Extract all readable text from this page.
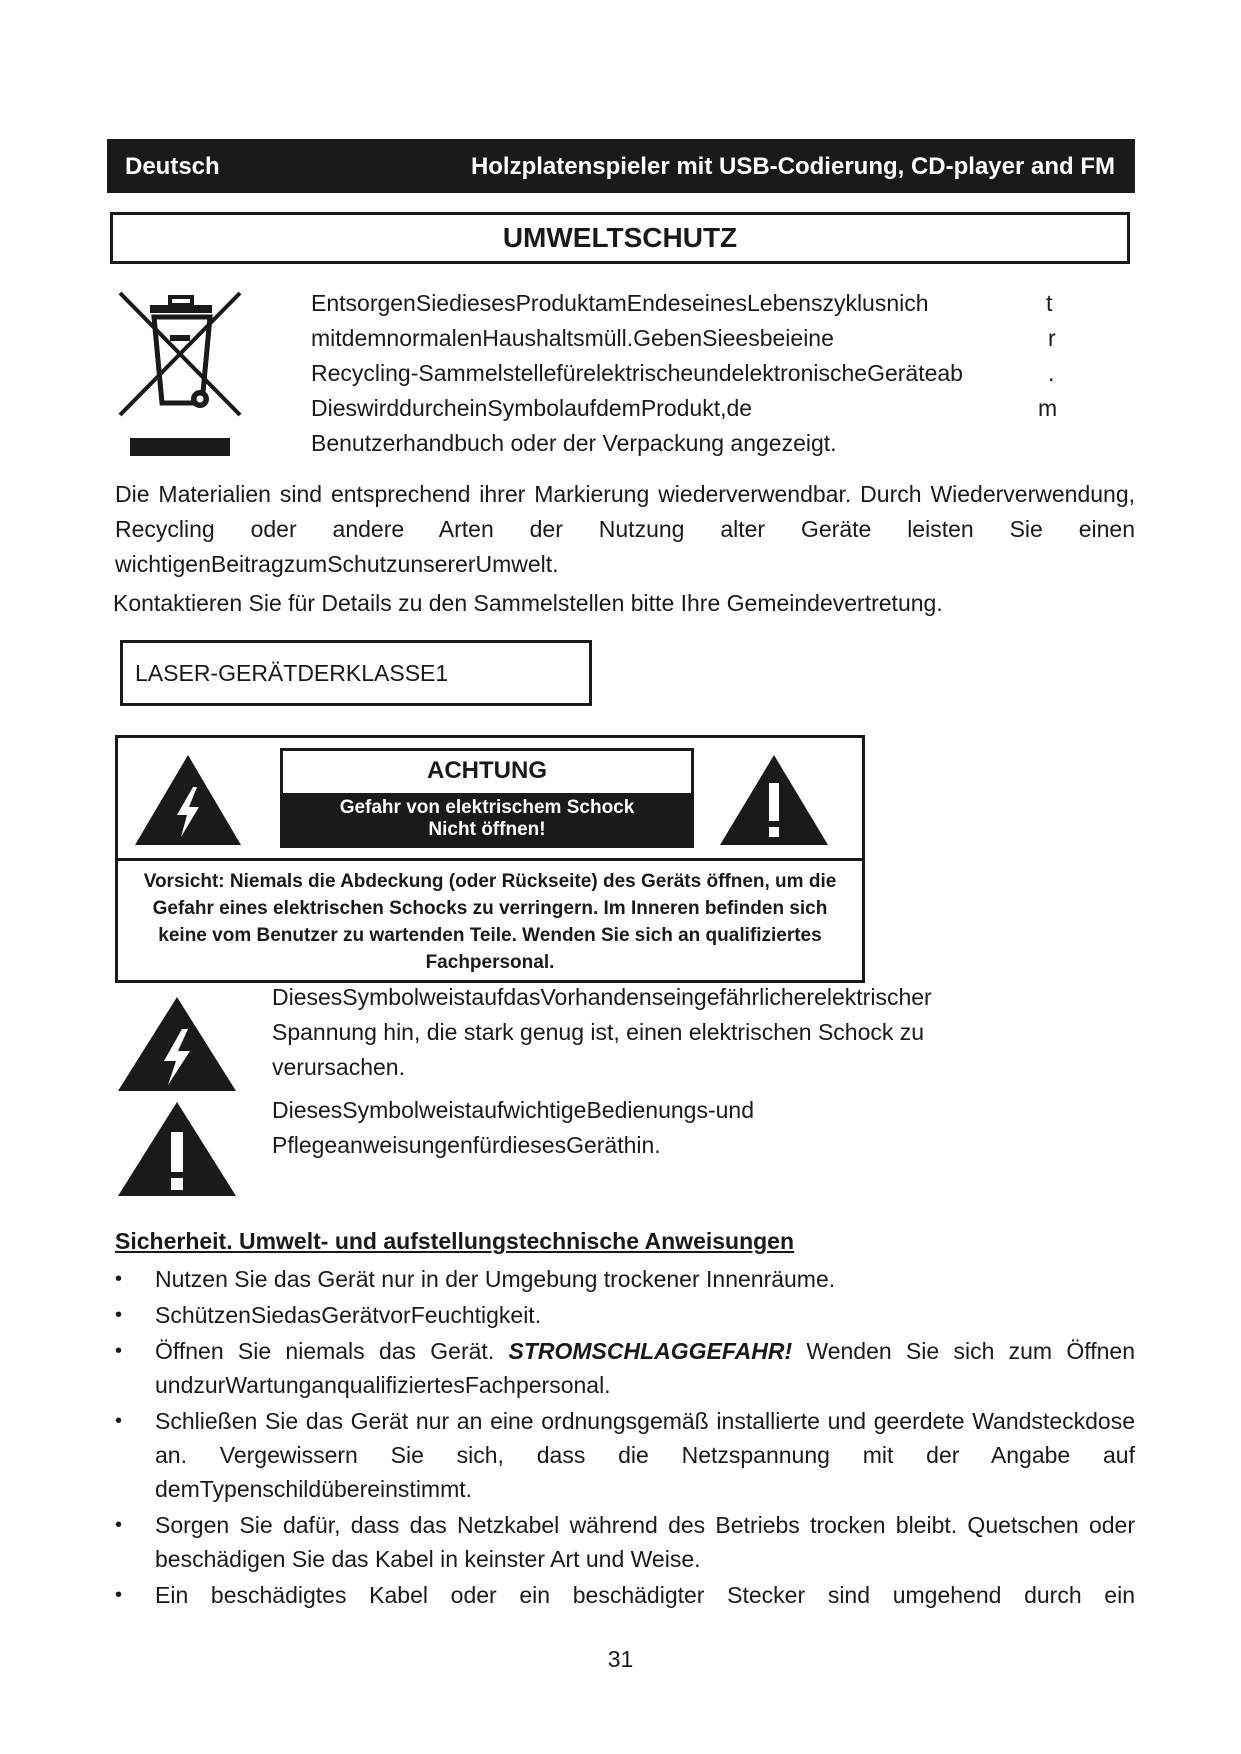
Deutsch	Holzplatenspieler mit USB-Codierung, CD-player and FM
UMWELTSCHUTZ
EntsorgenSiediesesProduktamEndeseinesLebenszyklusnich	t
mitdemnormalenHaushaltsmüll.GebenSieesbeieine	r
Recycling-SammelstellefürelektrischeundelektronischeGeräteab	.
DieswirddurcheinSymbolaufdemProdukt,de	m
Benutzerhandbuch oder der Verpackung angezeigt.
Die Materialien sind entsprechend ihrer Markierung wiederverwendbar. Durch Wiederverwendung, Recycling oder andere Arten der Nutzung alter Geräte leisten Sie einen wichtigenBeitragzumSchutzunsererUmwelt.
Kontaktieren Sie für Details zu den Sammelstellen bitte Ihre Gemeindevertretung.
LASER-GERÄTDERKLASSE1
ACHTUNG
Gefahr von elektrischem Schock
Nicht öffnen!
Vorsicht: Niemals die Abdeckung (oder Rückseite) des Geräts öffnen, um die Gefahr eines elektrischen Schocks zu verringern. Im Inneren befinden sich keine vom Benutzer zu wartenden Teile. Wenden Sie sich an qualifiziertes Fachpersonal.
DiesesSymbolweistaufdasVorhandenseingefährlicherelektrischer Spannung hin, die stark genug ist, einen elektrischen Schock zu verursachen.
DiesesSymbolweistaufwichtigeBedienungs-und PflegeanweisungenfürdiesesGeräthin.
Sicherheit. Umwelt- und aufstellungstechnische Anweisungen
• Nutzen Sie das Gerät nur in der Umgebung trockener Innenräume.
• SchützenSiedasGerätvorFeuchtigkeit.
• Öffnen Sie niemals das Gerät. STROMSCHLAGGEFAHR! Wenden Sie sich zum Öffnen undzurWartunganqualifiziertesFachpersonal.
• Schließen Sie das Gerät nur an eine ordnungsgemäß installierte und geerdete Wandsteckdose an. Vergewissern Sie sich, dass die Netzspannung mit der Angabe auf demTypenschildübereinstimmt.
• Sorgen Sie dafür, dass das Netzkabel während des Betriebs trocken bleibt. Quetschen oder beschädigen Sie das Kabel in keinster Art und Weise.
• Ein beschädigtes Kabel oder ein beschädigter Stecker sind umgehend durch ein
31
